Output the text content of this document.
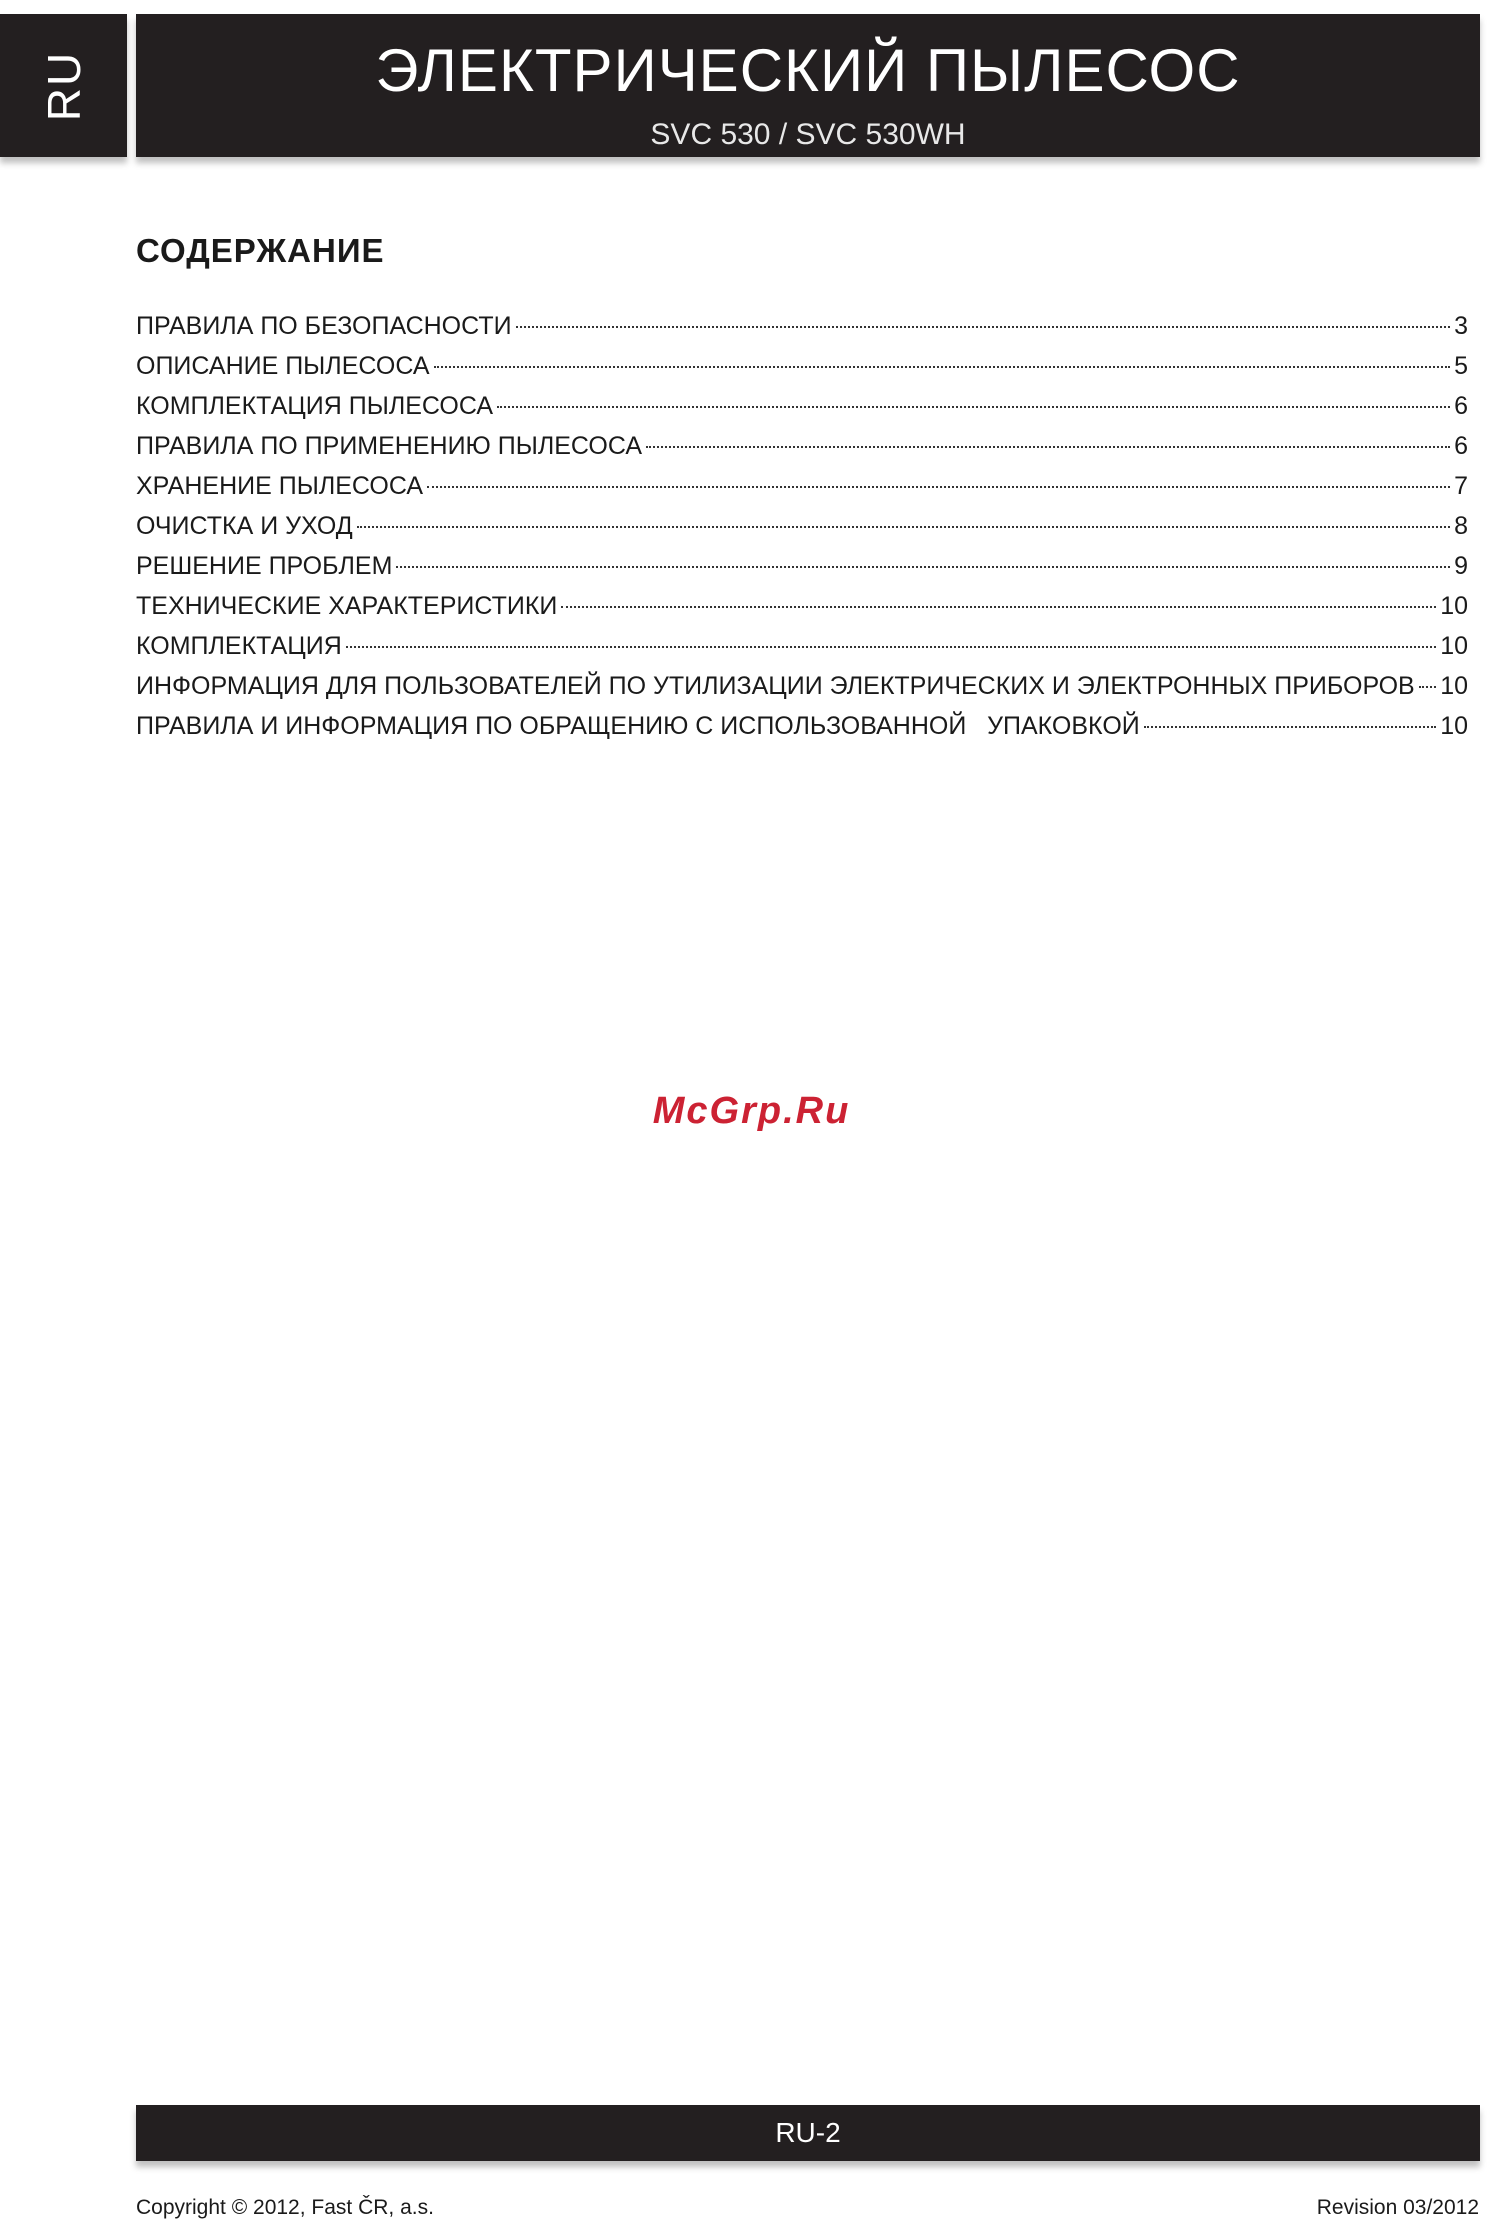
RU	ЭЛЕКТРИЧЕСКИЙ ПЫЛЕСОС
SVC 530 / SVC 530WH
СОДЕРЖАНИЕ
ПРАВИЛА ПО БЕЗОПАСНОСТИ	3
ОПИСАНИЕ ПЫЛЕСОСА	5
КОМПЛЕКТАЦИЯ ПЫЛЕСОСА	6
ПРАВИЛА ПО ПРИМЕНЕНИЮ ПЫЛЕСОСА	6
ХРАНЕНИЕ ПЫЛЕСОСА	7
ОЧИСТКА И УХОД	8
РЕШЕНИЕ ПРОБЛЕМ	9
ТЕХНИЧЕСКИЕ ХАРАКТЕРИСТИКИ	10
КОМПЛЕКТАЦИЯ	10
ИНФОРМАЦИЯ ДЛЯ ПОЛЬЗОВАТЕЛЕЙ ПО УТИЛИЗАЦИИ ЭЛЕКТРИЧЕСКИХ И ЭЛЕКТРОННЫХ ПРИБОРОВ 10
ПРАВИЛА И ИНФОРМАЦИЯ ПО ОБРАЩЕНИЮ С ИСПОЛЬЗОВАННОЙ   УПАКОВКОЙ	10
McGrp.Ru
RU-2
Copyright © 2012, Fast ČR, a.s.	Revision 03/2012
